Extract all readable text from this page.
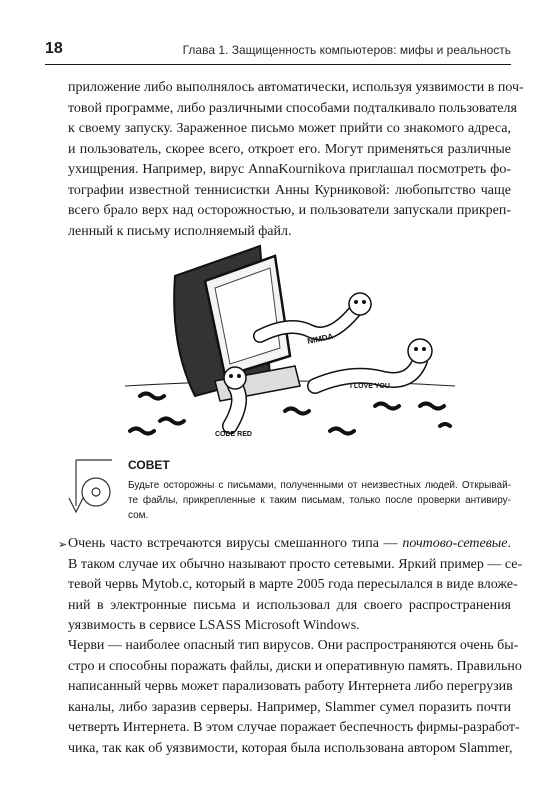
18	Глава 1. Защищенность компьютеров: мифы и реальность
приложение либо выполнялось автоматически, используя уязвимости в поч-
товой программе, либо различными способами подталкивало пользователя
к своему запуску. Зараженное письмо может прийти со знакомого адреса,
и пользователь, скорее всего, откроет его. Могут применяться различные
ухищрения. Например, вирус AnnaKournikova приглашал посмотреть фо-
тографии известной теннисистки Анны Курниковой: любопытство чаще
всего брало верх над осторожностью, и пользователи запускали прикреп-
ленный к письму исполняемый файл.
NIMDA
I LOVE YOU
CODE RED
СОВЕТ
Будьте осторожны с письмами, полученными от неизвестных людей. Открывай-
те файлы, прикрепленные к таким письмам, только после проверки антивиру-
сом.
➢ Очень часто встречаются вирусы смешанного типа — почтово-сетевые.
В таком случае их обычно называют просто сетевыми. Яркий пример — се-
тевой червь Mytob.c, который в марте 2005 года пересылался в виде вложе-
ний в электронные письма и использовал для своего распространения
уязвимость в сервисе LSASS Microsoft Windows.
Черви — наиболее опасный тип вирусов. Они распространяются очень бы-
стро и способны поражать файлы, диски и оперативную память. Правильно
написанный червь может парализовать работу Интернета либо перегрузив
каналы, либо заразив серверы. Например, Slammer сумел поразить почти
четверть Интернета. В этом случае поражает беспечность фирмы-разработ-
чика, так как об уязвимости, которая была использована автором Slammer,
